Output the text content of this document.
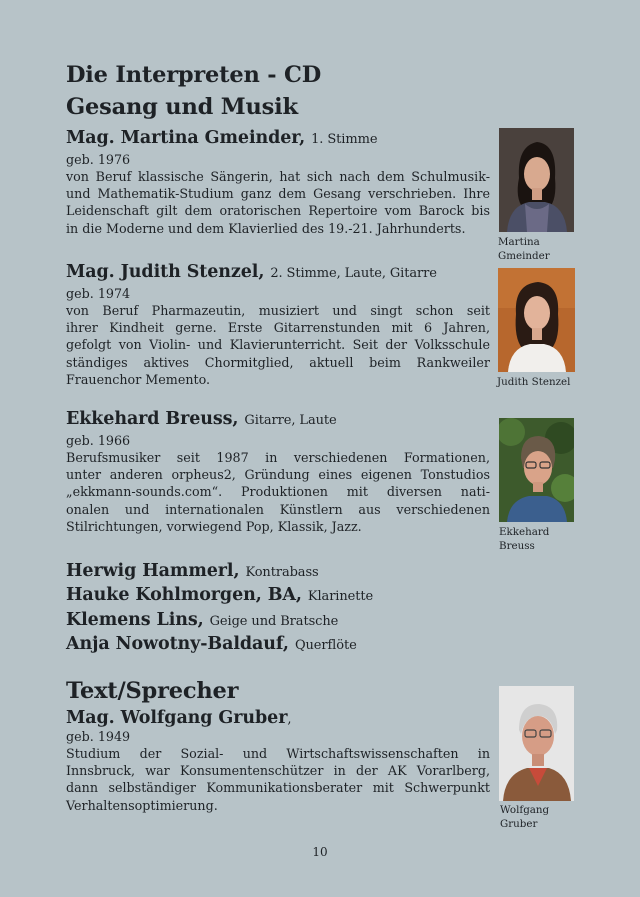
Die Interpreten - CD
Gesang und Musik
Mag. Martina Gmeinder, 1. Stimme
geb. 1976
von Beruf klassische Sängerin, hat sich nach dem Schulmusik-
und Mathematik-Studium ganz dem Gesang verschrieben. Ihre
Leidenschaft gilt dem oratorischen Repertoire vom Barock bis
in die Moderne und dem Klavierlied des 19.-21. Jahrhunderts.
Martina
Gmeinder
Mag. Judith Stenzel, 2. Stimme, Laute, Gitarre
geb. 1974
von Beruf Pharmazeutin, musiziert und singt schon seit
ihrer Kindheit gerne. Erste Gitarrenstunden mit 6 Jahren,
gefolgt von Violin- und Klavierunterricht. Seit der Volksschule
ständiges aktives Chormitglied, aktuell beim Rankweiler
Frauenchor Memento.	Judith Stenzel
Ekkehard Breuss, Gitarre, Laute
geb. 1966
Berufsmusiker seit 1987 in verschiedenen Formationen,
unter anderen orpheus2, Gründung eines eigenen Tonstudios
„ekkmann-sounds.com“. Produktionen mit diversen nati-
onalen und internationalen Künstlern aus verschiedenen
Stilrichtungen, vorwiegend Pop, Klassik, Jazz.	Ekkehard
Breuss
Herwig Hammerl, Kontrabass
Hauke Kohlmorgen, BA, Klarinette
Klemens Lins, Geige und Bratsche
Anja Nowotny-Baldauf, Querflöte
Text/Sprecher
Mag. Wolfgang Gruber,
geb. 1949
Studium der Sozial- und Wirtschaftswissenschaften in
Innsbruck, war Konsumentenschützer in der AK Vorarlberg,
dann selbständiger Kommunikationsberater mit Schwerpunkt
Verhaltensoptimierung.	Wolfgang
Gruber
10
